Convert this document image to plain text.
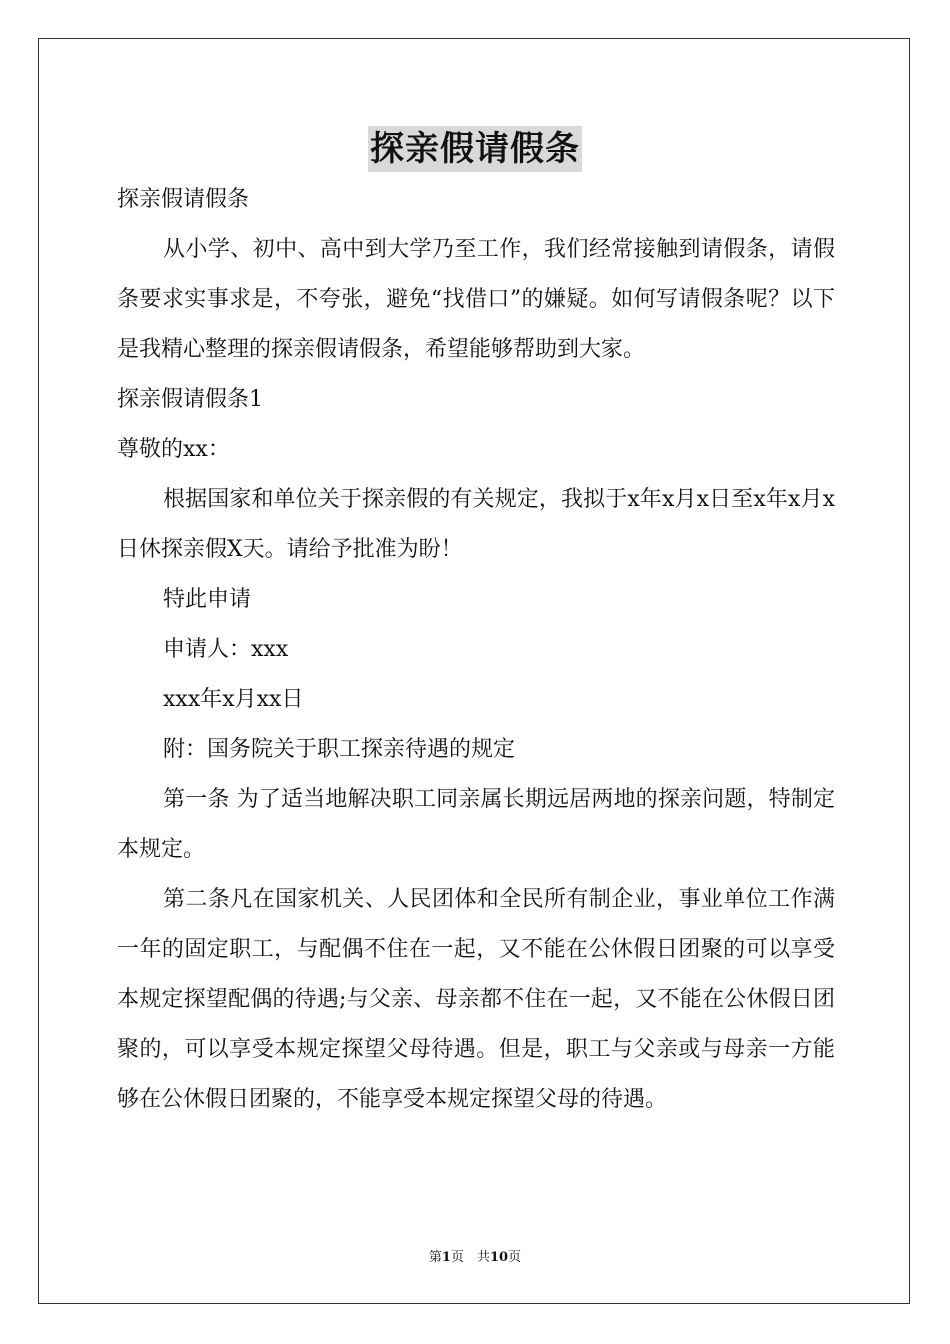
探亲假请假条
探亲假请假条
从小学、初中、高中到大学乃至工作，我们经常接触到请假条，请假条要求实事求是，不夸张，避免“找借口”的嫌疑。如何写请假条呢？以下是我精心整理的探亲假请假条，希望能够帮助到大家。
探亲假请假条1
尊敬的xx：
根据国家和单位关于探亲假的有关规定，我拟于x年x月x日至x年x月x日休探亲假X天。请给予批准为盼！
特此申请
申请人：xxx
xxx年x月xx日
附：国务院关于职工探亲待遇的规定
第一条 为了适当地解决职工同亲属长期远居两地的探亲问题，特制定本规定。
第二条凡在国家机关、人民团体和全民所有制企业，事业单位工作满一年的固定职工，与配偶不住在一起，又不能在公休假日团聚的可以享受本规定探望配偶的待遇;与父亲、母亲都不住在一起，又不能在公休假日团聚的，可以享受本规定探望父母待遇。但是，职工与父亲或与母亲一方能够在公休假日团聚的，不能享受本规定探望父母的待遇。
第1页　共10页
